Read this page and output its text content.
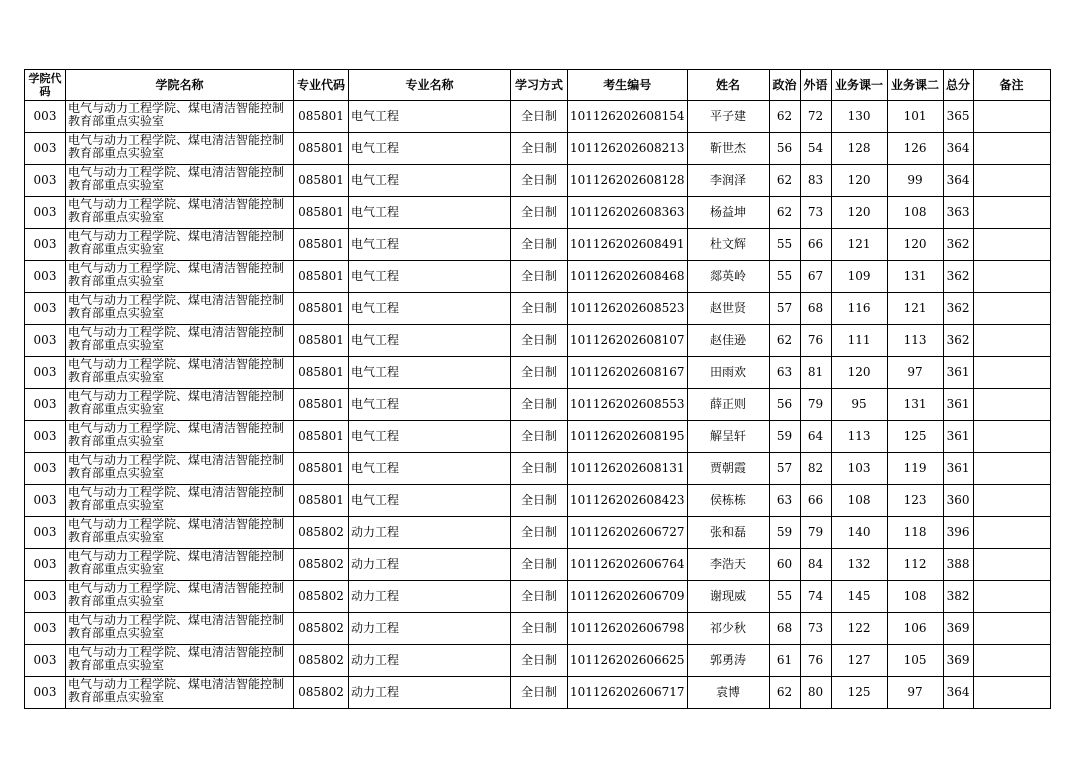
学院代码	学院名称	专业代码	专业名称	学习方式	考生编号	姓名	政治	外语	业务课一	业务课二	总分	备注
003	电气与动力工程学院、煤电清洁智能控制教育部重点实验室	085801	电气工程	全日制	101126202608154	平子建	62	72	130	101	365	
003	电气与动力工程学院、煤电清洁智能控制教育部重点实验室	085801	电气工程	全日制	101126202608213	靳世杰	56	54	128	126	364	
003	电气与动力工程学院、煤电清洁智能控制教育部重点实验室	085801	电气工程	全日制	101126202608128	李润泽	62	83	120	99	364	
003	电气与动力工程学院、煤电清洁智能控制教育部重点实验室	085801	电气工程	全日制	101126202608363	杨益坤	62	73	120	108	363	
003	电气与动力工程学院、煤电清洁智能控制教育部重点实验室	085801	电气工程	全日制	101126202608491	杜文辉	55	66	121	120	362	
003	电气与动力工程学院、煤电清洁智能控制教育部重点实验室	085801	电气工程	全日制	101126202608468	郯英岭	55	67	109	131	362	
003	电气与动力工程学院、煤电清洁智能控制教育部重点实验室	085801	电气工程	全日制	101126202608523	赵世贤	57	68	116	121	362	
003	电气与动力工程学院、煤电清洁智能控制教育部重点实验室	085801	电气工程	全日制	101126202608107	赵佳逊	62	76	111	113	362	
003	电气与动力工程学院、煤电清洁智能控制教育部重点实验室	085801	电气工程	全日制	101126202608167	田雨欢	63	81	120	97	361	
003	电气与动力工程学院、煤电清洁智能控制教育部重点实验室	085801	电气工程	全日制	101126202608553	薛正则	56	79	95	131	361	
003	电气与动力工程学院、煤电清洁智能控制教育部重点实验室	085801	电气工程	全日制	101126202608195	解呈轩	59	64	113	125	361	
003	电气与动力工程学院、煤电清洁智能控制教育部重点实验室	085801	电气工程	全日制	101126202608131	贾朝霞	57	82	103	119	361	
003	电气与动力工程学院、煤电清洁智能控制教育部重点实验室	085801	电气工程	全日制	101126202608423	侯栋栋	63	66	108	123	360	
003	电气与动力工程学院、煤电清洁智能控制教育部重点实验室	085802	动力工程	全日制	101126202606727	张和磊	59	79	140	118	396	
003	电气与动力工程学院、煤电清洁智能控制教育部重点实验室	085802	动力工程	全日制	101126202606764	李浩天	60	84	132	112	388	
003	电气与动力工程学院、煤电清洁智能控制教育部重点实验室	085802	动力工程	全日制	101126202606709	谢现威	55	74	145	108	382	
003	电气与动力工程学院、煤电清洁智能控制教育部重点实验室	085802	动力工程	全日制	101126202606798	祁少秋	68	73	122	106	369	
003	电气与动力工程学院、煤电清洁智能控制教育部重点实验室	085802	动力工程	全日制	101126202606625	郭勇涛	61	76	127	105	369	
003	电气与动力工程学院、煤电清洁智能控制教育部重点实验室	085802	动力工程	全日制	101126202606717	袁博	62	80	125	97	364	
